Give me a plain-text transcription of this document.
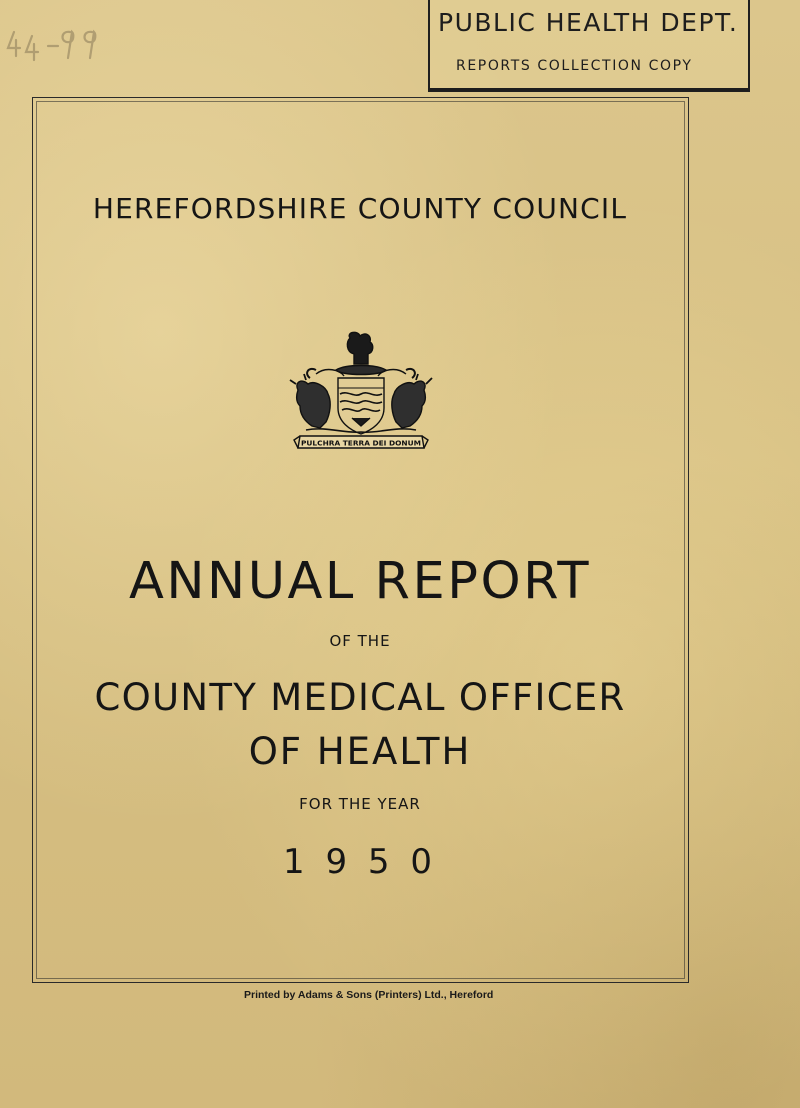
PUBLIC HEALTH DEPT.
REPORTS COLLECTION COPY
HEREFORDSHIRE COUNTY COUNCIL
PULCHRA TERRA DEI DONUM
ANNUAL REPORT
OF THE
COUNTY MEDICAL OFFICER
OF HEALTH
FOR THE YEAR
1 9 5 0
Printed by Adams & Sons (Printers) Ltd., Hereford
